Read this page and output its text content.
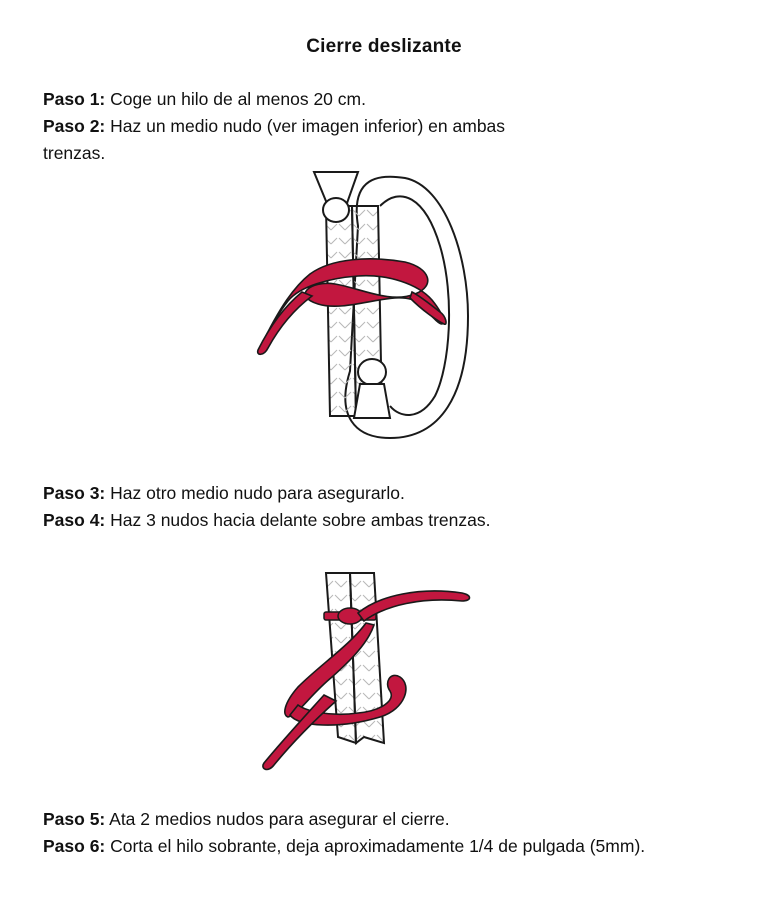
Cierre deslizante

Paso 1: Coge un hilo de al menos 20 cm.

Paso 2: Haz un medio nudo (ver imagen inferior) en ambas trenzas.

Paso 3: Haz otro medio nudo para asegurarlo.

Paso 4: Haz 3 nudos hacia delante sobre ambas trenzas.

Paso 5: Ata 2 medios nudos para asegurar el cierre.

Paso 6: Corta el hilo sobrante, deja aproximadamente 1/4 de pulgada (5mm).
